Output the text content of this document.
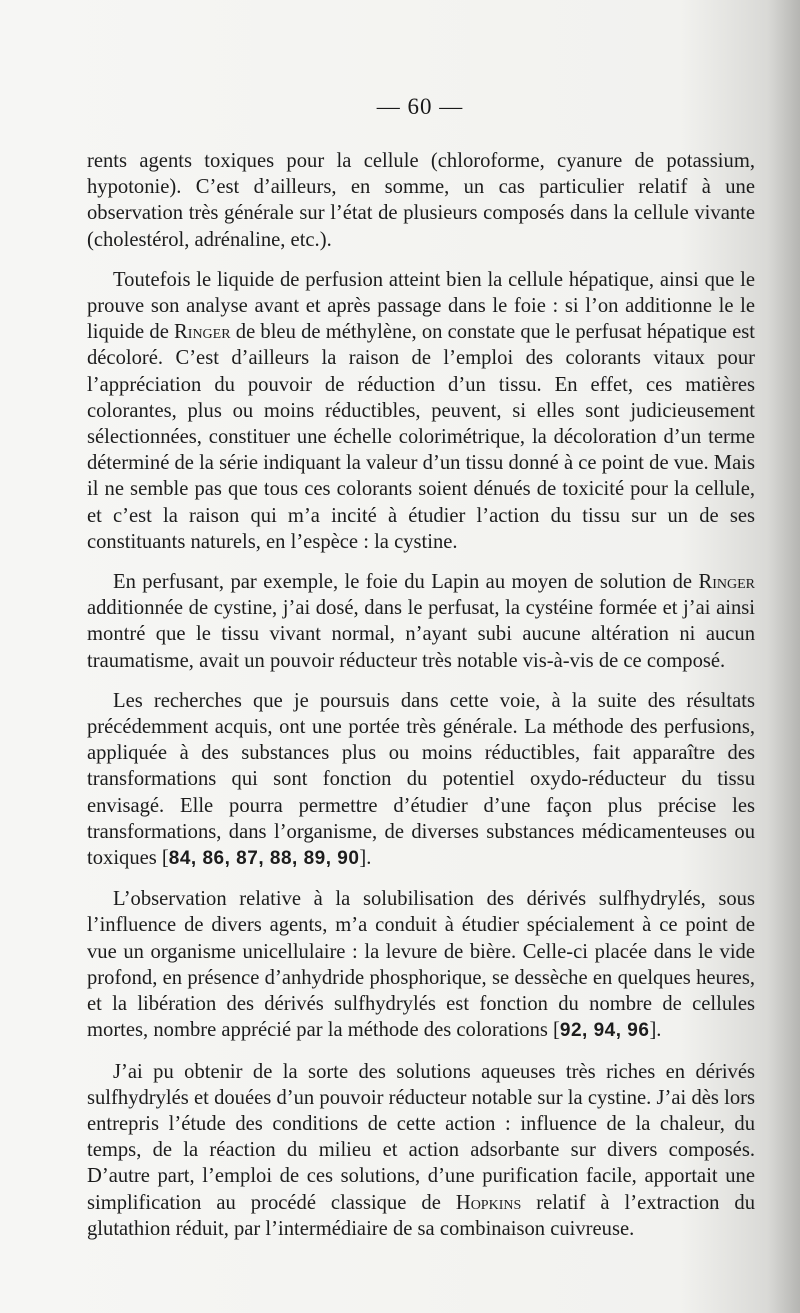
— 60 —

rents agents toxiques pour la cellule (chloroforme, cyanure de potassium, hypotonie). C’est d’ailleurs, en somme, un cas particulier relatif à une observation très générale sur l’état de plusieurs composés dans la cellule vivante (cholestérol, adrénaline, etc.).

Toutefois le liquide de perfusion atteint bien la cellule hépatique, ainsi que le prouve son analyse avant et après passage dans le foie : si l’on additionne le le liquide de Ringer de bleu de méthylène, on constate que le perfusat hépatique est décoloré. C’est d’ailleurs la raison de l’emploi des colorants vitaux pour l’appréciation du pouvoir de réduction d’un tissu. En effet, ces matières colorantes, plus ou moins réductibles, peuvent, si elles sont judicieusement sélectionnées, constituer une échelle colorimétrique, la décoloration d’un terme déterminé de la série indiquant la valeur d’un tissu donné à ce point de vue. Mais il ne semble pas que tous ces colorants soient dénués de toxicité pour la cellule, et c’est la raison qui m’a incité à étudier l’action du tissu sur un de ses constituants naturels, en l’espèce : la cystine.

En perfusant, par exemple, le foie du Lapin au moyen de solution de Ringer additionnée de cystine, j’ai dosé, dans le perfusat, la cystéine formée et j’ai ainsi montré que le tissu vivant normal, n’ayant subi aucune altération ni aucun traumatisme, avait un pouvoir réducteur très notable vis-à-vis de ce composé.

Les recherches que je poursuis dans cette voie, à la suite des résultats précédemment acquis, ont une portée très générale. La méthode des perfusions, appliquée à des substances plus ou moins réductibles, fait apparaître des transformations qui sont fonction du potentiel oxydo-réducteur du tissu envisagé. Elle pourra permettre d’étudier d’une façon plus précise les transformations, dans l’organisme, de diverses substances médicamenteuses ou toxiques [84, 86, 87, 88, 89, 90].

L’observation relative à la solubilisation des dérivés sulfhydrylés, sous l’influence de divers agents, m’a conduit à étudier spécialement à ce point de vue un organisme unicellulaire : la levure de bière. Celle-ci placée dans le vide profond, en présence d’anhydride phosphorique, se dessèche en quelques heures, et la libération des dérivés sulfhydrylés est fonction du nombre de cellules mortes, nombre apprécié par la méthode des colorations [92, 94, 96].

J’ai pu obtenir de la sorte des solutions aqueuses très riches en dérivés sulfhydrylés et douées d’un pouvoir réducteur notable sur la cystine. J’ai dès lors entrepris l’étude des conditions de cette action : influence de la chaleur, du temps, de la réaction du milieu et action adsorbante sur divers composés. D’autre part, l’emploi de ces solutions, d’une purification facile, apportait une simplification au procédé classique de Hopkins relatif à l’extraction du glutathion réduit, par l’intermédiaire de sa combinaison cuivreuse.
